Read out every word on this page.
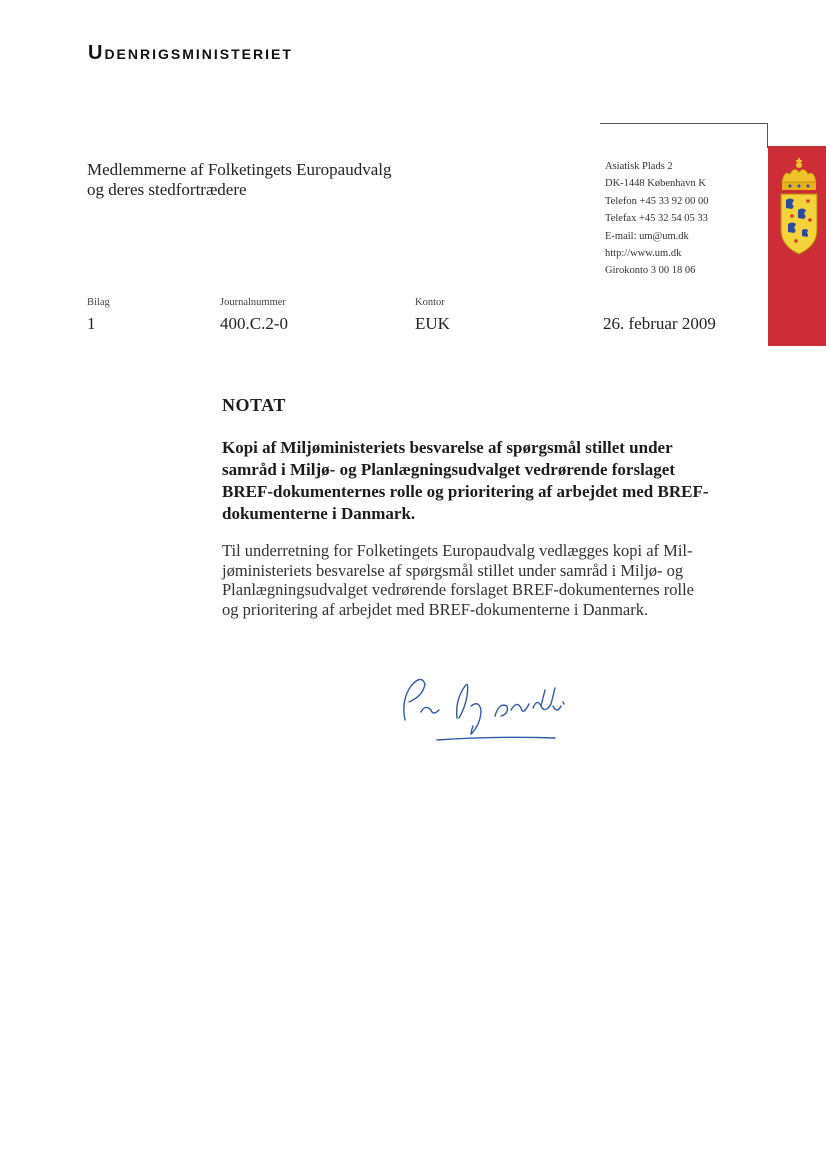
Udenrigsministeriet
Medlemmerne af Folketingets Europaudvalg
og deres stedfortrædere
Asiatisk Plads 2
DK-1448 København K
Telefon +45 33 92 00 00
Telefax +45 32 54 05 33
E-mail: um@um.dk
http://www.um.dk
Girokonto 3 00 18 06
Bilag
1
Journalnummer
400.C.2-0
Kontor
EUK	26. februar 2009
NOTAT
Kopi af Miljøministeriets besvarelse af spørgsmål stillet under
samråd i Miljø- og Planlægningsudvalget vedrørende forslaget
BREF-dokumenternes rolle og prioritering af arbejdet med BREF-
dokumenterne i Danmark.
Til underretning for Folketingets Europaudvalg vedlægges kopi af Mil-
jøministeriets besvarelse af spørgsmål stillet under samråd i Miljø- og
Planlægningsudvalget vedrørende forslaget BREF-dokumenternes rolle
og prioritering af arbejdet med BREF-dokumenterne i Danmark.
